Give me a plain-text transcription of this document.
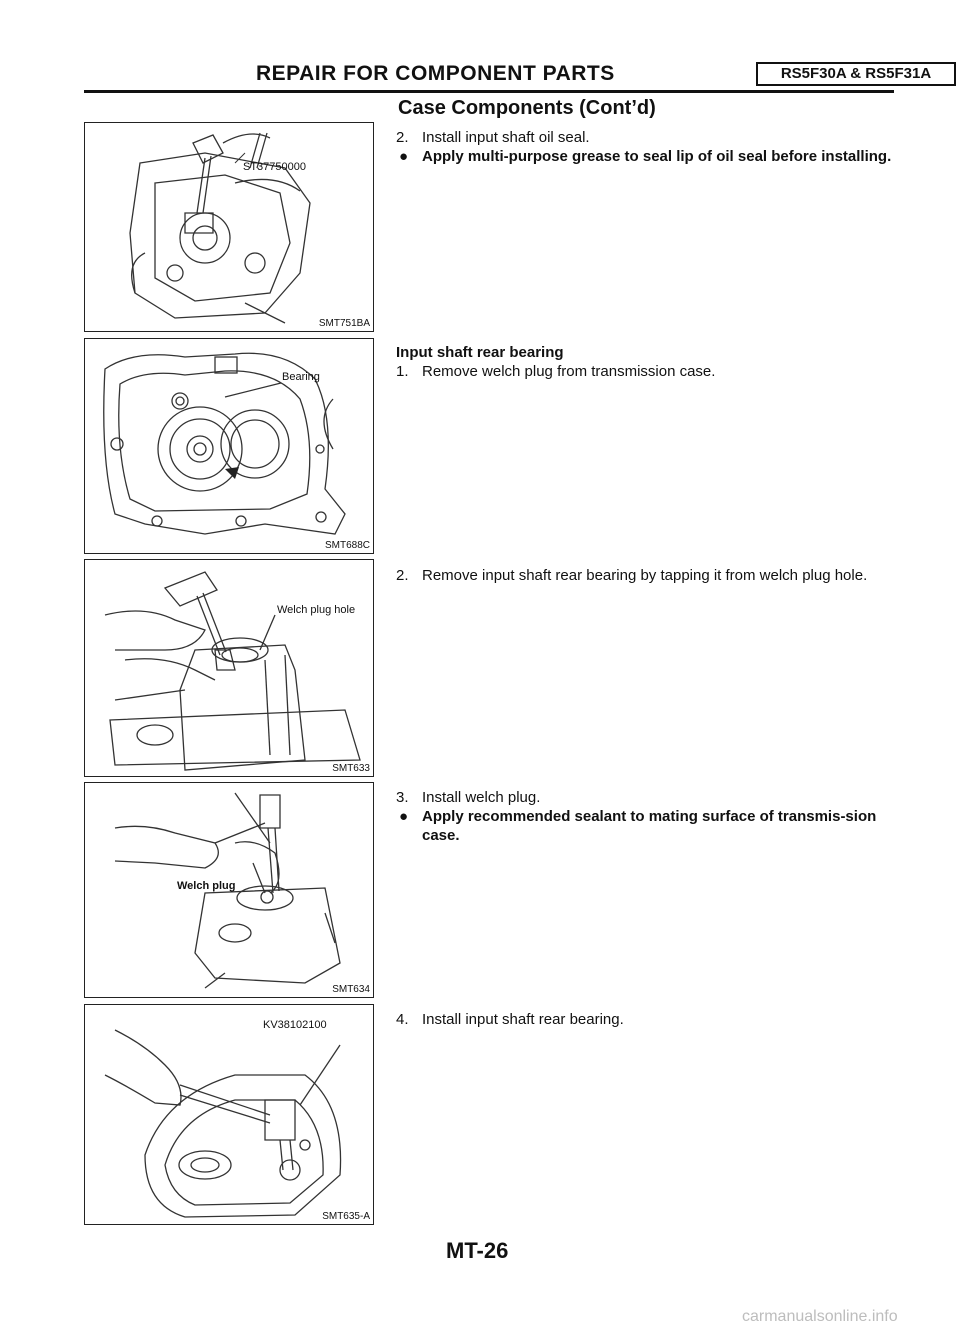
REPAIR FOR COMPONENT PARTS	RS5F30A & RS5F31A
Case Components (Cont’d)
ST37750000
SMT751BA
Bearing
SMT688C
Welch plug hole
SMT633
Welch plug
SMT634
KV38102100
SMT635-A
2. Install input shaft oil seal.
● Apply multi-purpose grease to seal lip of oil seal before installing.
Input shaft rear bearing
1. Remove welch plug from transmission case.
2. Remove input shaft rear bearing by tapping it from welch plug hole.
3. Install welch plug.
● Apply recommended sealant to mating surface of transmis-sion case.
4. Install input shaft rear bearing.
MT-26
carmanualsonline.info
